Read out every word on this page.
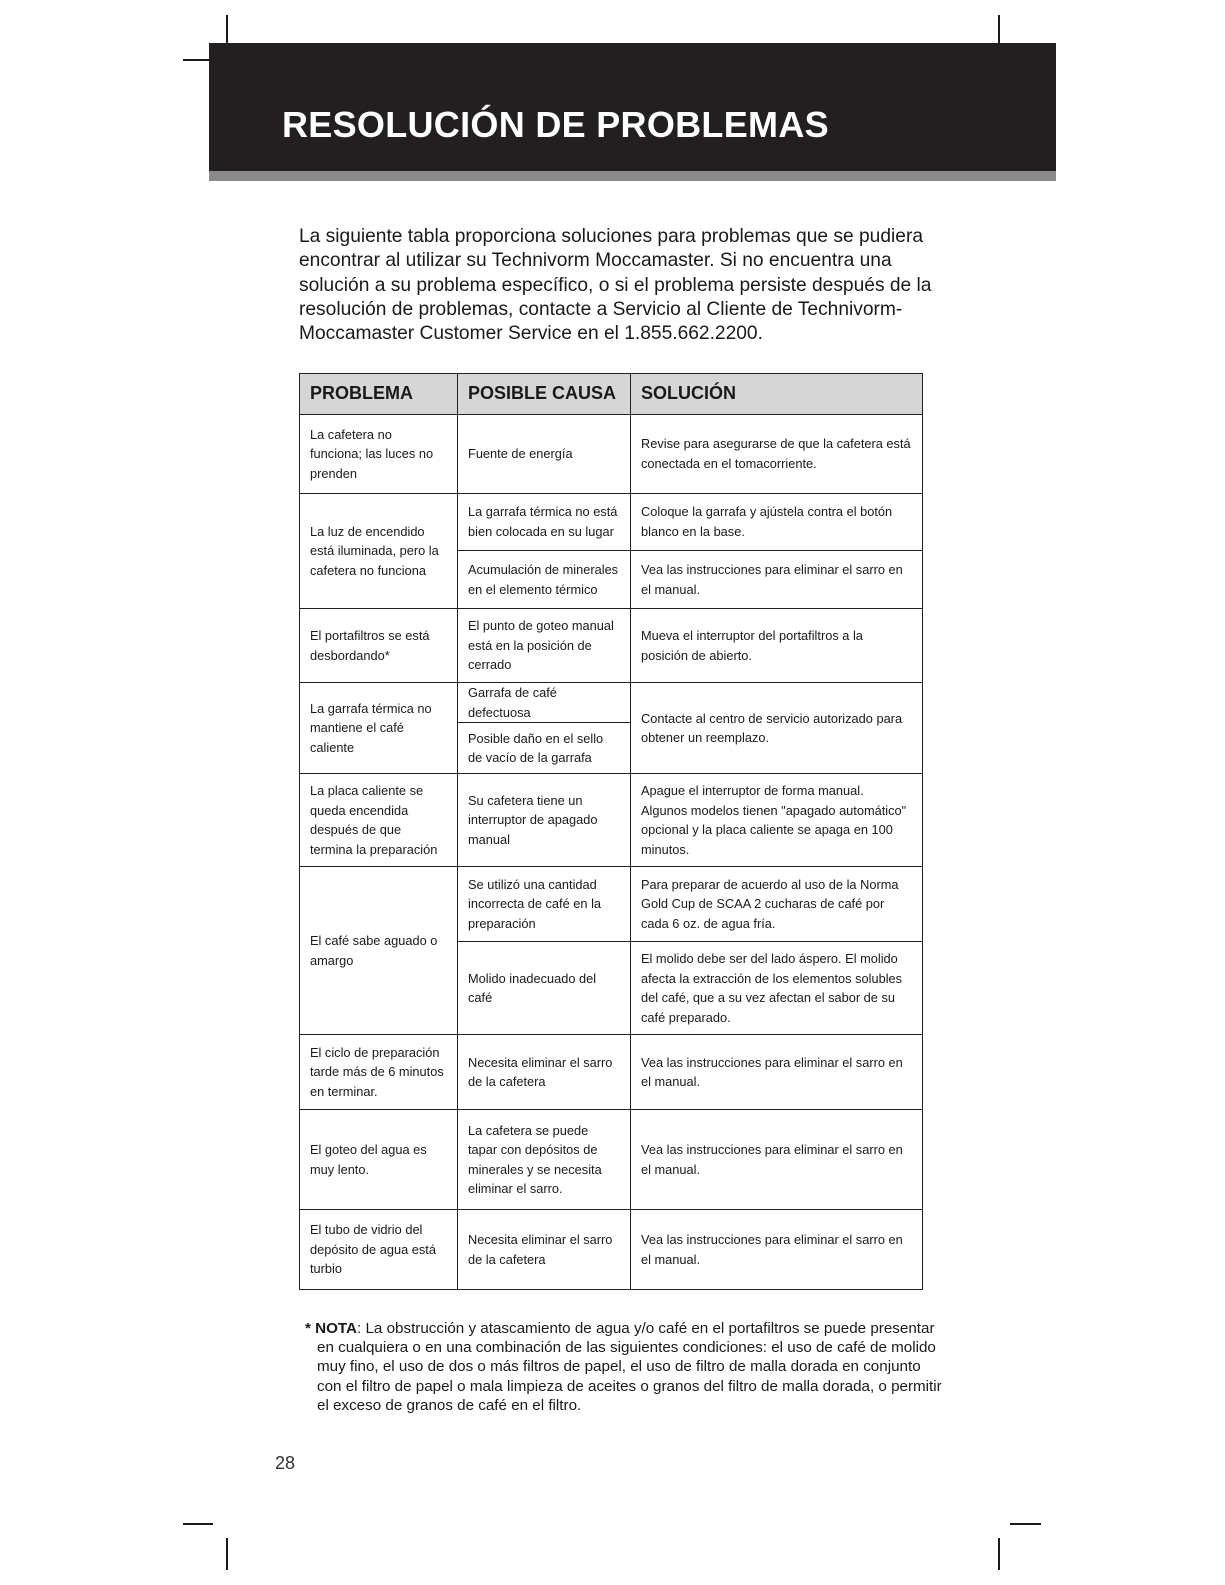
RESOLUCIÓN DE PROBLEMAS

La siguiente tabla proporciona soluciones para problemas que se pudiera encontrar al utilizar su Technivorm Moccamaster. Si no encuentra una solución a su problema específico, o si el problema persiste después de la resolución de problemas, contacte a Servicio al Cliente de Technivorm-Moccamaster Customer Service en el 1.855.662.2200.

PROBLEMA	POSIBLE CAUSA	SOLUCIÓN
La cafetera no funciona; las luces no prenden	Fuente de energía	Revise para asegurarse de que la cafetera está conectada en el tomacorriente.
La luz de encendido está iluminada, pero la cafetera no funciona	La garrafa térmica no está bien colocada en su lugar	Coloque la garrafa y ajústela contra el botón blanco en la base.
	Acumulación de minerales en el elemento térmico	Vea las instrucciones para eliminar el sarro en el manual.
El portafiltros se está desbordando*	El punto de goteo manual está en la posición de cerrado	Mueva el interruptor del portafiltros a la posición de abierto.
La garrafa térmica no mantiene el café caliente	Garrafa de café defectuosa	Contacte al centro de servicio autorizado para obtener un reemplazo.
	Posible daño en el sello de vacío de la garrafa	
La placa caliente se queda encendida después de que termina la preparación	Su cafetera tiene un interruptor de apagado manual	Apague el interruptor de forma manual. Algunos modelos tienen "apagado automático" opcional y la placa caliente se apaga en 100 minutos.
El café sabe aguado o amargo	Se utilizó una cantidad incorrecta de café en la preparación	Para preparar de acuerdo al uso de la Norma Gold Cup de SCAA 2 cucharas de café por cada 6 oz. de agua fría.
	Molido inadecuado del café	El molido debe ser del lado áspero. El molido afecta la extracción de los elementos solubles del café, que a su vez afectan el sabor de su café preparado.
El ciclo de preparación tarde más de 6 minutos en terminar.	Necesita eliminar el sarro de la cafetera	Vea las instrucciones para eliminar el sarro en el manual.
El goteo del agua es muy lento.	La cafetera se puede tapar con depósitos de minerales y se necesita eliminar el sarro.	Vea las instrucciones para eliminar el sarro en el manual.
El tubo de vidrio del depósito de agua está turbio	Necesita eliminar el sarro de la cafetera	Vea las instrucciones para eliminar el sarro en el manual.

* NOTA: La obstrucción y atascamiento de agua y/o café en el portafiltros se puede presentar en cualquiera o en una combinación de las siguientes condiciones: el uso de café de molido muy fino, el uso de dos o más filtros de papel, el uso de filtro de malla dorada en conjunto con el filtro de papel o mala limpieza de aceites o granos del filtro de malla dorada, o permitir el exceso de granos de café en el filtro.

28
